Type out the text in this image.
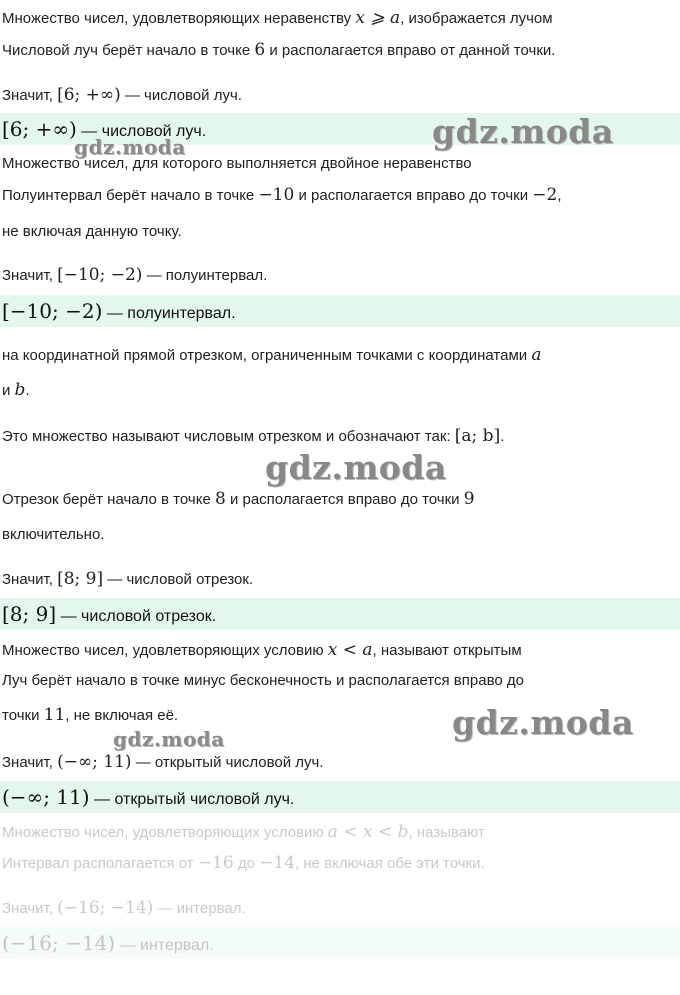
Множество чисел, удовлетворяющих неравенству x ⩾ a, изображается лучом
Числовой луч берёт начало в точке 6 и располагается вправо от данной точки.
Значит, [6; +∞) — числовой луч.
[6; +∞) — числовой луч.	gdz.moda
gdz.moda
Множество чисел, для которого выполняется двойное неравенство
Полуинтервал берёт начало в точке −10 и располагается вправо до точки −2,
не включая данную точку.
Значит, [−10; −2) — полуинтервал.
[−10; −2) — полуинтервал.
на координатной прямой отрезком, ограниченным точками с координатами a
и b.
Это множество называют числовым отрезком и обозначают так: [a; b].
gdz.moda
Отрезок берёт начало в точке 8 и располагается вправо до точки 9
включительно.
Значит, [8; 9] — числовой отрезок.
[8; 9] — числовой отрезок.
Множество чисел, удовлетворяющих условию x < a, называют открытым
Луч берёт начало в точке минус бесконечность и располагается вправо до
точки 11, не включая её.	gdz.moda
gdz.moda
Значит, (−∞; 11) — открытый числовой луч.
(−∞; 11) — открытый числовой луч.
Множество чисел, удовлетворяющих условию a < x < b, называют
Интервал располагается от −16 до −14, не включая обе эти точки.
Значит, (−16; −14) — интервал.
(−16; −14) — интервал.
